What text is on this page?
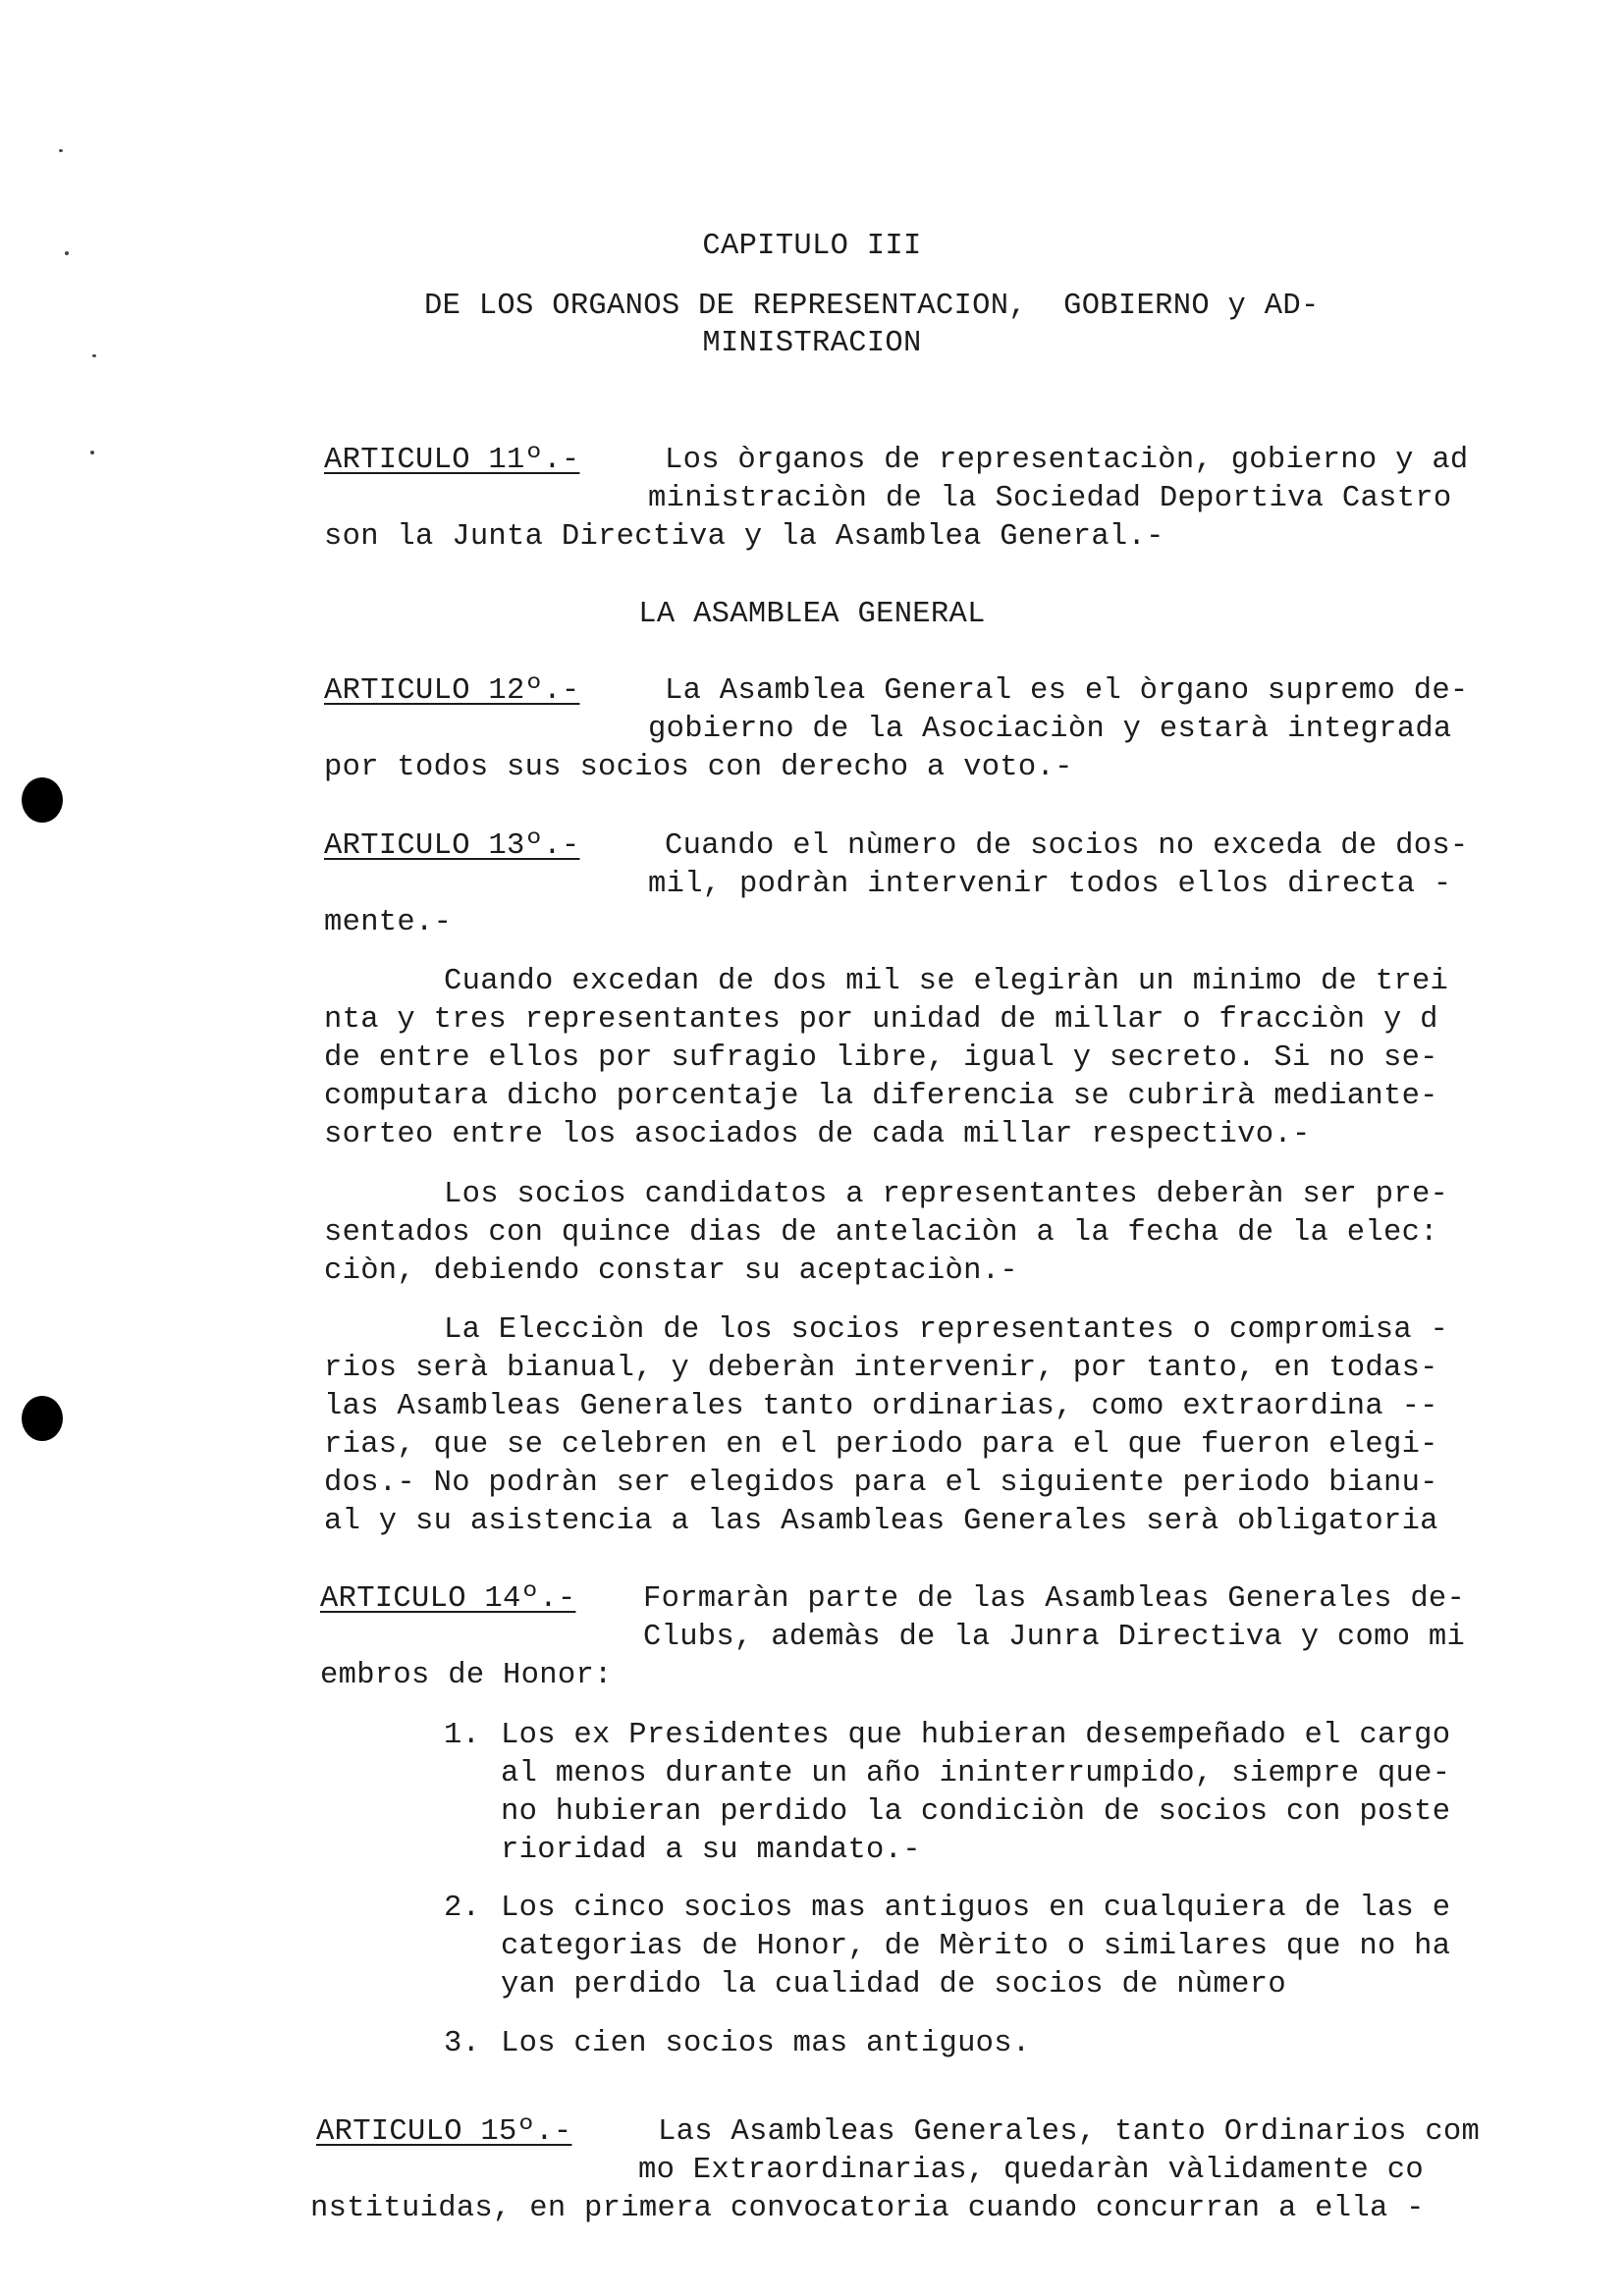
CAPITULO III
DE LOS ORGANOS DE REPRESENTACION,  GOBIERNO y AD-
MINISTRACION
ARTICULO 11º.-	Los òrganos de representaciòn, gobierno y ad
ministraciòn de la Sociedad Deportiva Castro
son la Junta Directiva y la Asamblea General.-
LA ASAMBLEA GENERAL
ARTICULO 12º.-	La Asamblea General es el òrgano supremo de-
gobierno de la Asociaciòn y estarà integrada
por todos sus socios con derecho a voto.-
ARTICULO 13º.-	Cuando el nùmero de socios no exceda de dos-
mil, podràn intervenir todos ellos directa -
mente.-
Cuando excedan de dos mil se elegiràn un minimo de trei
nta y tres representantes por unidad de millar o fracciòn y d
de entre ellos por sufragio libre, igual y secreto. Si no se-
computara dicho porcentaje la diferencia se cubrirà mediante-
sorteo entre los asociados de cada millar respectivo.-
Los socios candidatos a representantes deberàn ser pre-
sentados con quince dias de antelaciòn a la fecha de la elec:
ciòn, debiendo constar su aceptaciòn.-
La Elecciòn de los socios representantes o compromisa -
rios serà bianual, y deberàn intervenir, por tanto, en todas-
las Asambleas Generales tanto ordinarias, como extraordina --
rias, que se celebren en el periodo para el que fueron elegi-
dos.- No podràn ser elegidos para el siguiente periodo bianu-
al y su asistencia a las Asambleas Generales serà obligatoria
ARTICULO 14º.- Formaràn parte de las Asambleas Generales de-
Clubs, ademàs de la Junra Directiva y como mi
embros de Honor:
1. Los ex Presidentes que hubieran desempeñado el cargo
al menos durante un año ininterrumpido, siempre que-
no hubieran perdido la condiciòn de socios con poste
rioridad a su mandato.-
2. Los cinco socios mas antiguos en cualquiera de las e
categorias de Honor, de Mèrito o similares que no ha
yan perdido la cualidad de socios de nùmero
3. Los cien socios mas antiguos.
ARTICULO 15º.-	Las Asambleas Generales, tanto Ordinarios com
mo Extraordinarias, quedaràn vàlidamente co
nstituidas, en primera convocatoria cuando concurran a ella -
